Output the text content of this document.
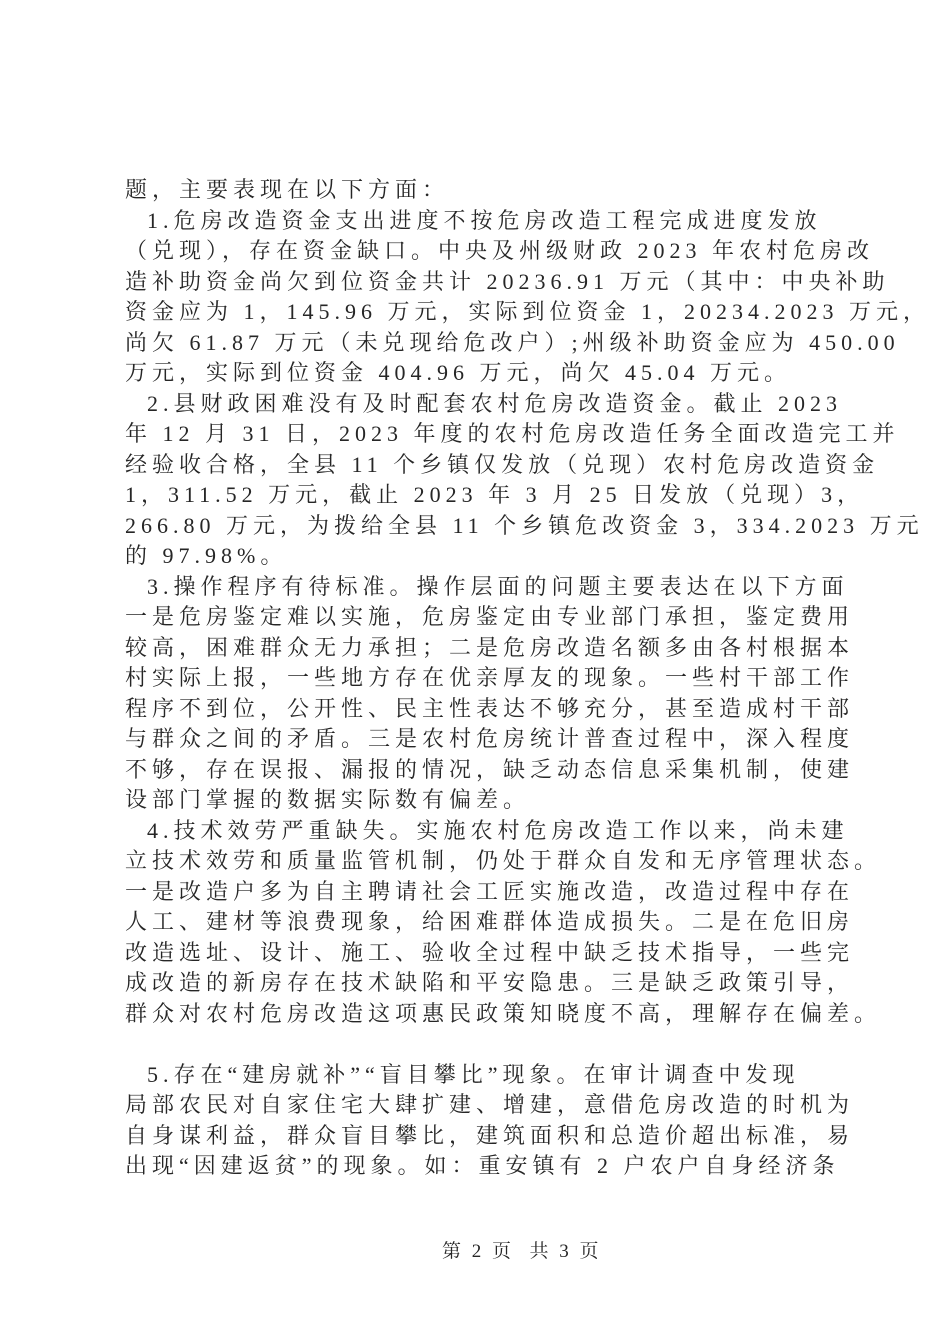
题，主要表现在以下方面：
1.危房改造资金支出进度不按危房改造工程完成进度发放
（兑现），存在资金缺口。中央及州级财政 2023 年农村危房改
造补助资金尚欠到位资金共计 20236.91 万元（其中：中央补助
资金应为 1，145.96 万元，实际到位资金 1，20234.2023 万元，
尚欠 61.87 万元（未兑现给危改户）;州级补助资金应为 450.00
万元，实际到位资金 404.96 万元，尚欠 45.04 万元。
2.县财政困难没有及时配套农村危房改造资金。截止 2023
年 12 月 31 日，2023 年度的农村危房改造任务全面改造完工并
经验收合格，全县 11 个乡镇仅发放（兑现）农村危房改造资金
1，311.52 万元，截止 2023 年 3 月 25 日发放（兑现）3，
266.80 万元，为拨给全县 11 个乡镇危改资金 3，334.2023 万元
的 97.98%。
3.操作程序有待标准。操作层面的问题主要表达在以下方面
一是危房鉴定难以实施，危房鉴定由专业部门承担，鉴定费用
较高，困难群众无力承担；二是危房改造名额多由各村根据本
村实际上报，一些地方存在优亲厚友的现象。一些村干部工作
程序不到位，公开性、民主性表达不够充分，甚至造成村干部
与群众之间的矛盾。三是农村危房统计普查过程中，深入程度
不够，存在误报、漏报的情况，缺乏动态信息采集机制，使建
设部门掌握的数据实际数有偏差。
4.技术效劳严重缺失。实施农村危房改造工作以来，尚未建
立技术效劳和质量监管机制，仍处于群众自发和无序管理状态。
一是改造户多为自主聘请社会工匠实施改造，改造过程中存在
人工、建材等浪费现象，给困难群体造成损失。二是在危旧房
改造选址、设计、施工、验收全过程中缺乏技术指导，一些完
成改造的新房存在技术缺陷和平安隐患。三是缺乏政策引导，
群众对农村危房改造这项惠民政策知晓度不高，理解存在偏差。
5.存在“建房就补”“盲目攀比”现象。在审计调查中发现
局部农民对自家住宅大肆扩建、增建，意借危房改造的时机为
自身谋利益，群众盲目攀比，建筑面积和总造价超出标准，易
出现“因建返贫”的现象。如：重安镇有 2 户农户自身经济条
第 2 页  共 3 页
